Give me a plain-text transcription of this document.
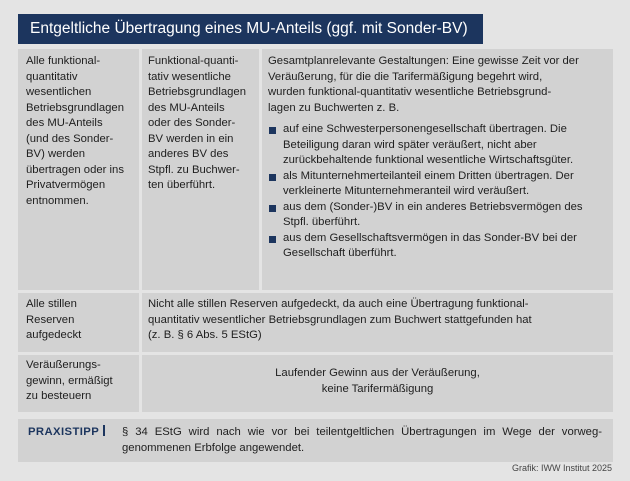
Entgeltliche Übertragung eines MU-Anteils (ggf. mit Sonder-BV)
Alle funktional-
quantitativ
wesentlichen
Betriebsgrundlagen
des MU-Anteils
(und des Sonder-
BV) werden
übertragen oder ins
Privatvermögen
entnommen.
Funktional-quanti-
tativ wesentliche
Betriebsgrundlagen
des MU-Anteils
oder des Sonder-
BV werden in ein
anderes BV des
Stpfl. zu Buchwer-
ten überführt.
Gesamtplanrelevante Gestaltungen: Eine gewisse Zeit vor der
Veräußerung, für die die Tarifermäßigung begehrt wird,
wurden funktional-quantitativ wesentliche Betriebsgrund-
lagen zu Buchwerten z. B.
auf eine Schwesterpersonengesellschaft übertragen. Die
Beteiligung daran wird später veräußert, nicht aber
zurückbehaltende funktional wesentliche Wirtschaftsgüter.
als Mitunternehmerteilanteil einem Dritten übertragen. Der
verkleinerte Mitunternehmeranteil wird veräußert.
aus dem (Sonder-)BV in ein anderes Betriebsvermögen des
Stpfl. überführt.
aus dem Gesellschaftsvermögen in das Sonder-BV bei der
Gesellschaft überführt.
Alle stillen
Reserven
aufgedeckt
Nicht alle stillen Reserven aufgedeckt, da auch eine Übertragung funktional-
quantitativ wesentlicher Betriebsgrundlagen zum Buchwert stattgefunden hat
(z. B. § 6 Abs. 5 EStG)
Veräußerungs-
gewinn, ermäßigt
zu besteuern
Laufender Gewinn aus der Veräußerung,
keine Tarifermäßigung
PRAXISTIPP	§ 34 EStG wird nach wie vor bei teilentgeltlichen Übertragungen im Wege der vorweg- genommenen Erbfolge angewendet.
Grafik: IWW Institut 2025
